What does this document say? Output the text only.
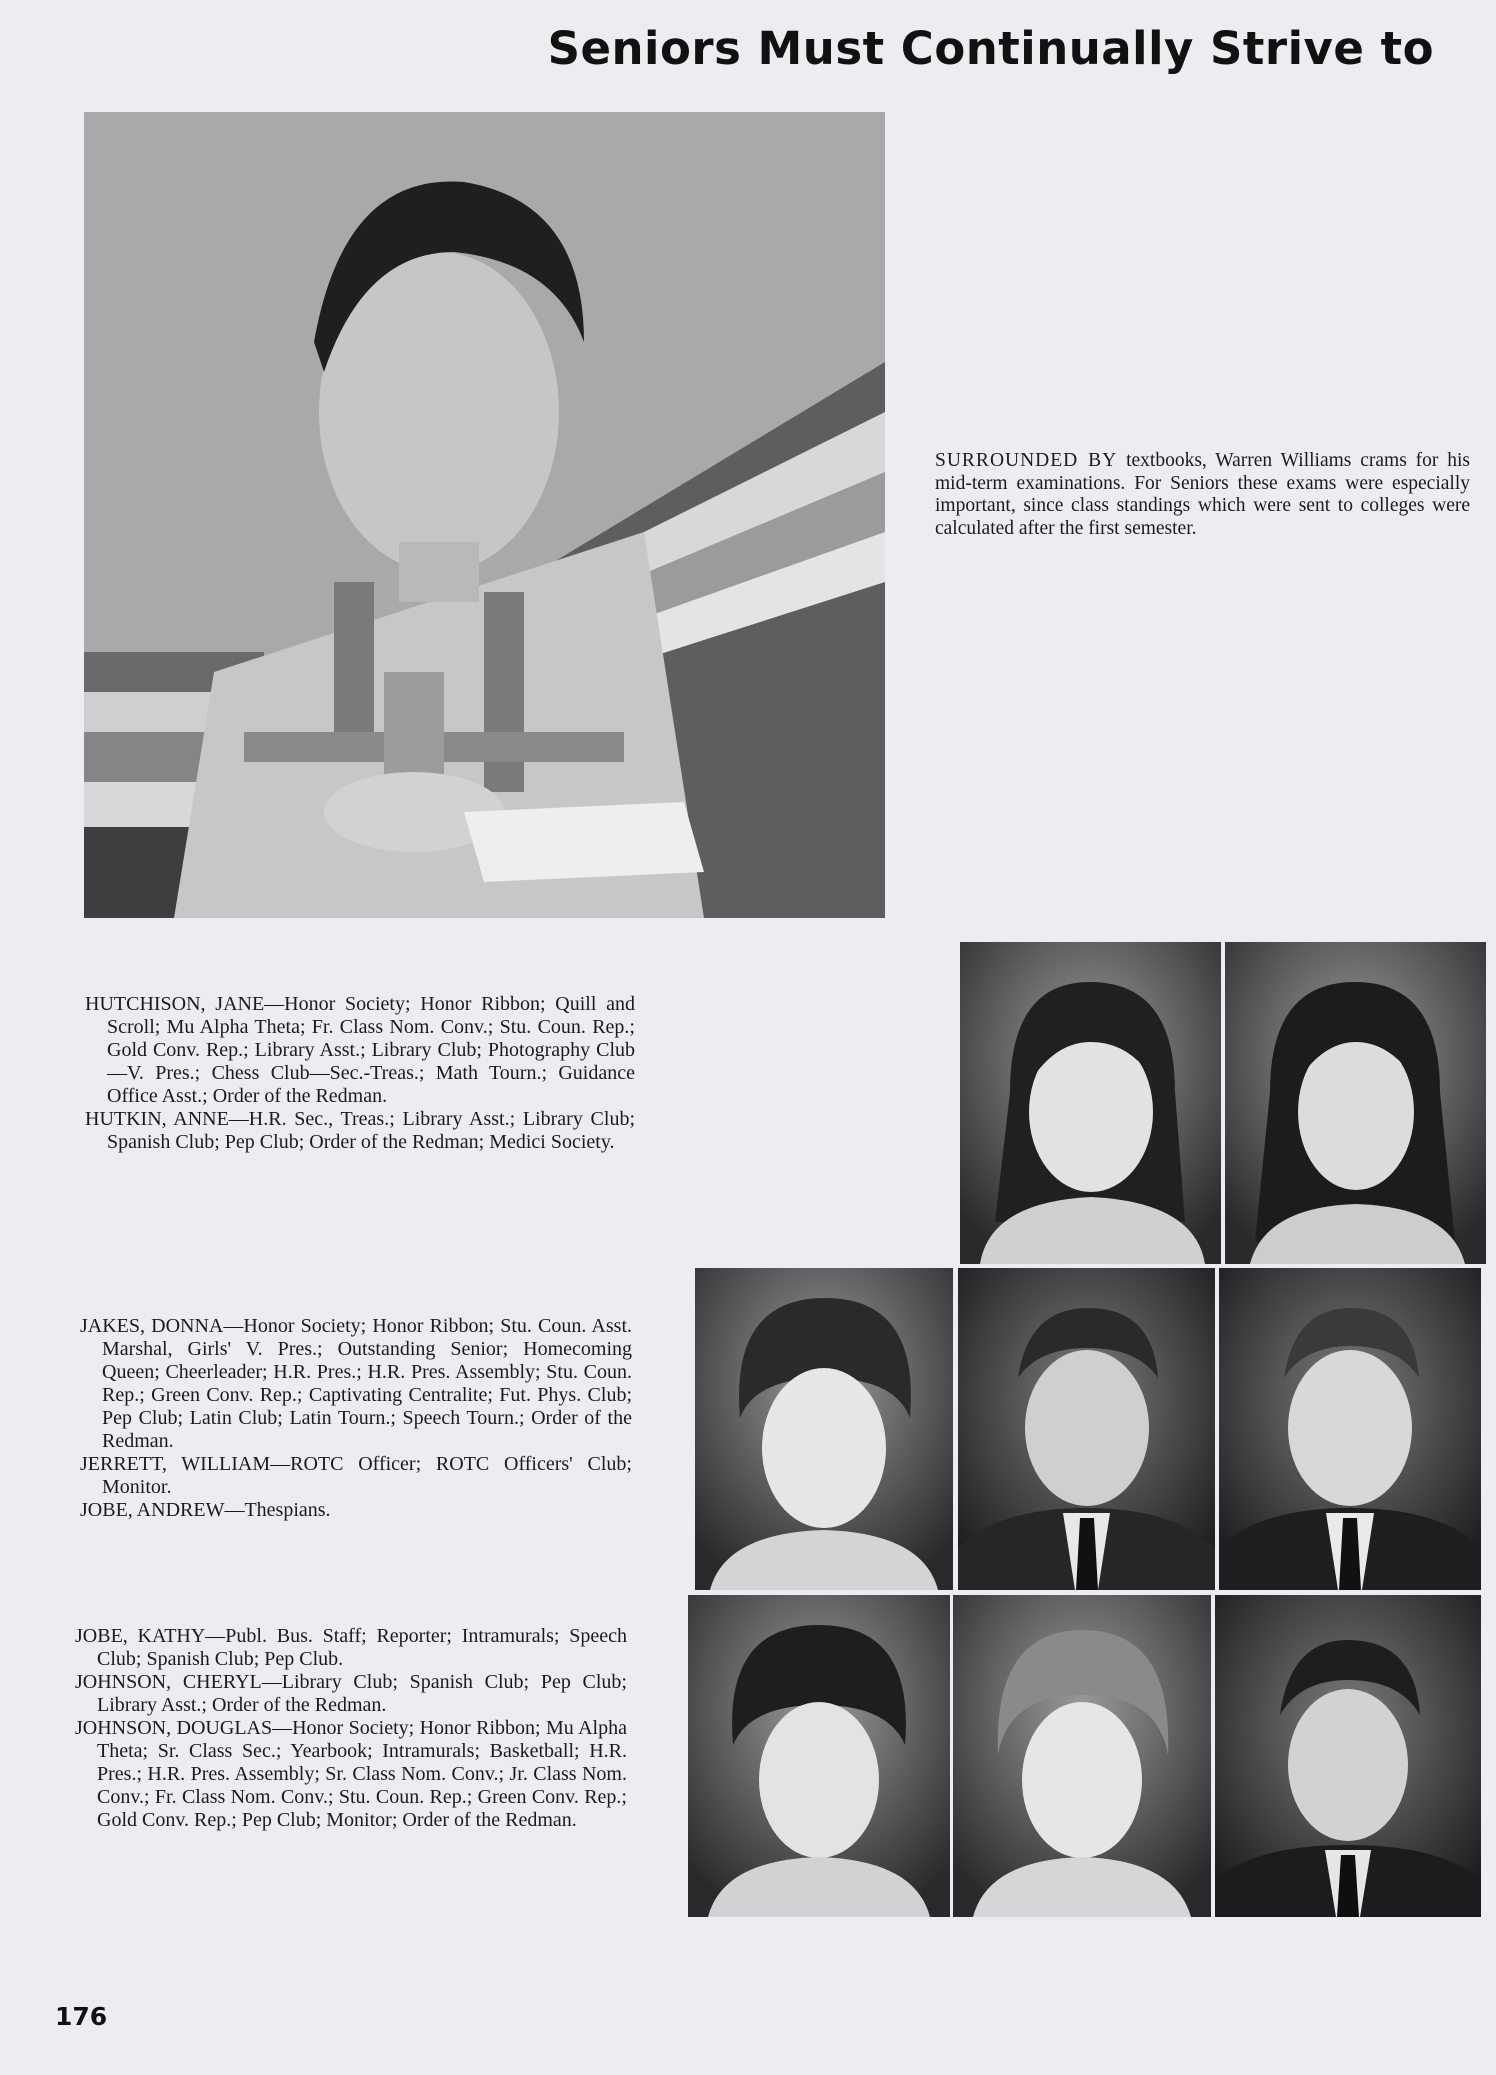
Seniors Must Continually Strive to
SURROUNDED BY textbooks, Warren Williams crams for his mid-term examinations. For Seniors these exams were especially important, since class standings which were sent to colleges were calculated after the first semester.

HUTCHISON, JANE—Honor Society; Honor Ribbon; Quill and Scroll; Mu Alpha Theta; Fr. Class Nom. Conv.; Stu. Coun. Rep.; Gold Conv. Rep.; Library Asst.; Library Club; Photography Club—V. Pres.; Chess Club—Sec.-Treas.; Math Tourn.; Guidance Office Asst.; Order of the Redman.

HUTKIN, ANNE—H.R. Sec., Treas.; Library Asst.; Library Club; Spanish Club; Pep Club; Order of the Redman; Medici Society.

JAKES, DONNA—Honor Society; Honor Ribbon; Stu. Coun. Asst. Marshal, Girls' V. Pres.; Outstanding Senior; Homecoming Queen; Cheerleader; H.R. Pres.; H.R. Pres. Assembly; Stu. Coun. Rep.; Green Conv. Rep.; Captivating Centralite; Fut. Phys. Club; Pep Club; Latin Club; Latin Tourn.; Speech Tourn.; Order of the Redman.

JERRETT, WILLIAM—ROTC Officer; ROTC Officers' Club; Monitor.

JOBE, ANDREW—Thespians.

JOBE, KATHY—Publ. Bus. Staff; Reporter; Intramurals; Speech Club; Spanish Club; Pep Club.

JOHNSON, CHERYL—Library Club; Spanish Club; Pep Club; Library Asst.; Order of the Redman.

JOHNSON, DOUGLAS—Honor Society; Honor Ribbon; Mu Alpha Theta; Sr. Class Sec.; Yearbook; Intramurals; Basketball; H.R. Pres.; H.R. Pres. Assembly; Sr. Class Nom. Conv.; Jr. Class Nom. Conv.; Fr. Class Nom. Conv.; Stu. Coun. Rep.; Green Conv. Rep.; Gold Conv. Rep.; Pep Club; Monitor; Order of the Redman.

176
